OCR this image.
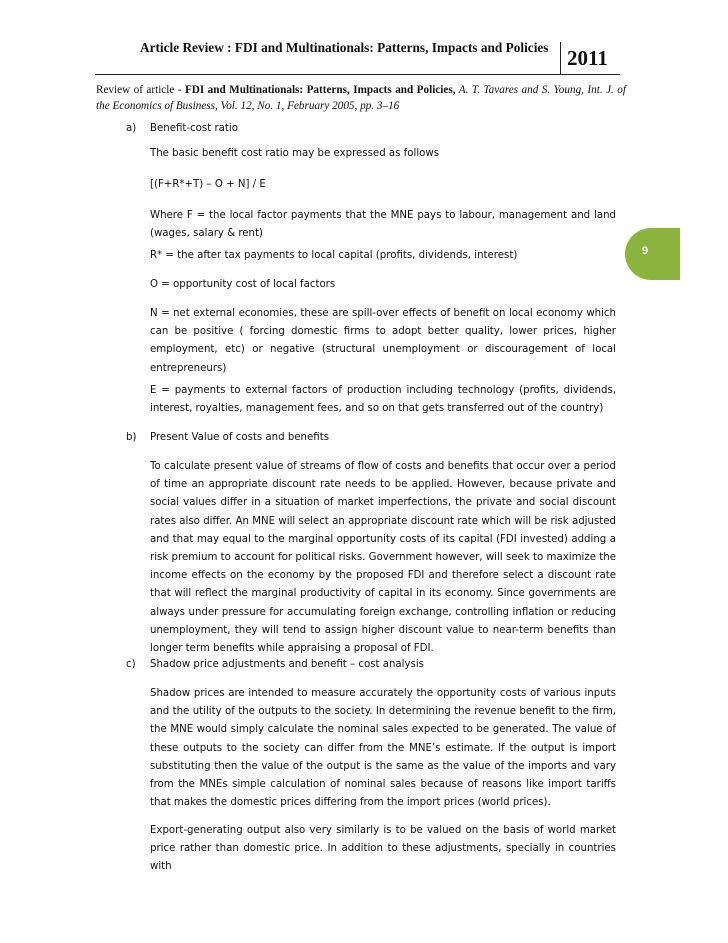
Article Review : FDI and Multinationals: Patterns, Impacts and Policies 2011
Review of article - FDI and Multinationals: Patterns, Impacts and Policies, A. T. Tavares and S. Young, Int. J. of the Economics of Business, Vol. 12, No. 1, February 2005, pp. 3–16
9
a) Benefit-cost ratio

The basic benefit cost ratio may be expressed as follows

[(F+R*+T) – O + N] / E

Where F = the local factor payments that the MNE pays to labour, management and land (wages, salary & rent)

R* = the after tax payments to local capital (profits, dividends, interest)

O = opportunity cost of local factors

N = net external economies, these are spill-over effects of benefit on local economy which can be positive ( forcing domestic firms to adopt better quality, lower prices, higher employment, etc) or negative (structural unemployment or discouragement of local entrepreneurs)

E = payments to external factors of production including technology (profits, dividends, interest, royalties, management fees, and so on that gets transferred out of the country)

b) Present Value of costs and benefits

To calculate present value of streams of flow of costs and benefits that occur over a period of time an appropriate discount rate needs to be applied. However, because private and social values differ in a situation of market imperfections, the private and social discount rates also differ. An MNE will select an appropriate discount rate which will be risk adjusted and that may equal to the marginal opportunity costs of its capital (FDI invested) adding a risk premium to account for political risks. Government however, will seek to maximize the income effects on the economy by the proposed FDI and therefore select a discount rate that will reflect the marginal productivity of capital in its economy. Since governments are always under pressure for accumulating foreign exchange, controlling inflation or reducing unemployment, they will tend to assign higher discount value to near-term benefits than longer term benefits while appraising a proposal of FDI.

c) Shadow price adjustments and benefit – cost analysis

Shadow prices are intended to measure accurately the opportunity costs of various inputs and the utility of the outputs to the society. In determining the revenue benefit to the firm, the MNE would simply calculate the nominal sales expected to be generated. The value of these outputs to the society can differ from the MNE’s estimate. If the output is import substituting then the value of the output is the same as the value of the imports and vary from the MNEs simple calculation of nominal sales because of reasons like import tariffs that makes the domestic prices differing from the import prices (world prices).

Export-generating output also very similarly is to be valued on the basis of world market price rather than domestic price. In addition to these adjustments, specially in countries with
